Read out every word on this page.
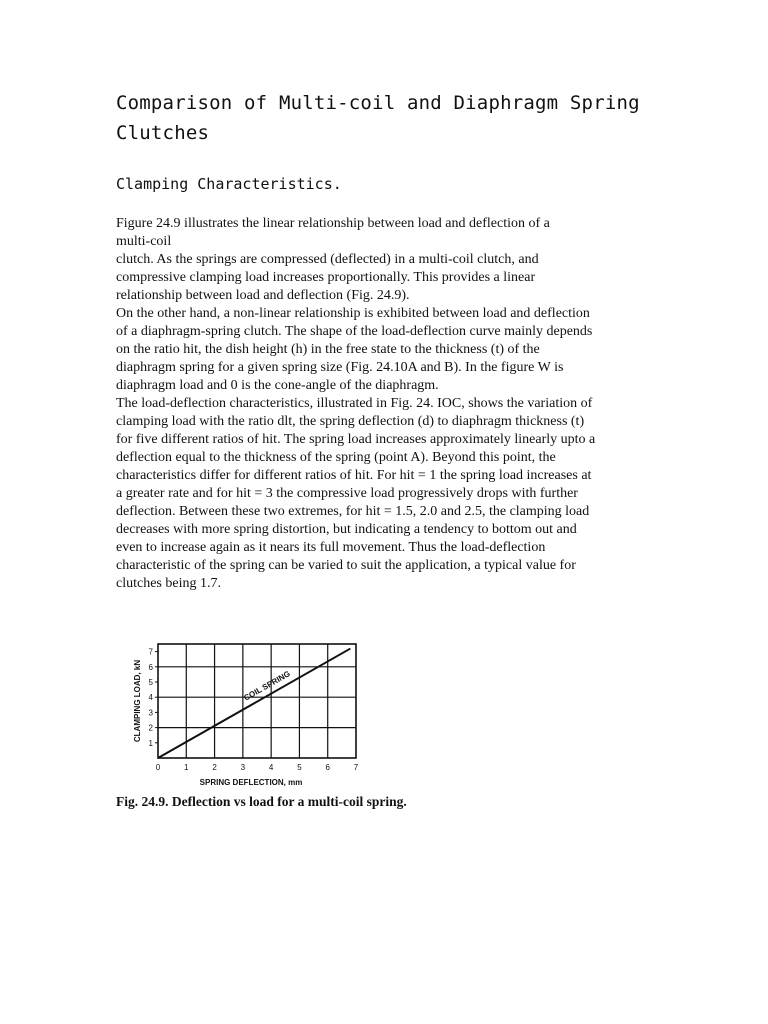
Comparison of Multi-coil and Diaphragm Spring
Clutches
Clamping Characteristics.
Figure 24.9 illustrates the linear relationship between load and deflection of a
multi-coil
clutch. As the springs are compressed (deflected) in a multi-coil clutch, and
compressive clamping load increases proportionally. This provides a linear
relationship between load and deflection (Fig. 24.9).
On the other hand, a non-linear relationship is exhibited between load and deflection
of a diaphragm-spring clutch. The shape of the load-deflection curve mainly depends
on the ratio hit, the dish height (h) in the free state to the thickness (t) of the
diaphragm spring for a given spring size (Fig. 24.10A and B). In the figure W is
diaphragm load and 0 is the cone-angle of the diaphragm.
The load-deflection characteristics, illustrated in Fig. 24. IOC, shows the variation of
clamping load with the ratio dlt, the spring deflection (d) to diaphragm thickness (t)
for five different ratios of hit. The spring load increases approximately linearly upto a
deflection equal to the thickness of the spring (point A). Beyond this point, the
characteristics differ for different ratios of hit. For hit = 1 the spring load increases at
a greater rate and for hit = 3 the compressive load progressively drops with further
deflection. Between these two extremes, for hit = 1.5, 2.0 and 2.5, the clamping load
decreases with more spring distortion, but indicating a tendency to bottom out and
even to increase again as it nears its full movement. Thus the load-deflection
characteristic of the spring can be varied to suit the application, a typical value for
clutches being 1.7.
0	1	2	3	4	5	6	7
1
2
3
4
5
6
7
SPRING DEFLECTION, mm
CLAMPING LOAD, kN	COIL SPRING
Fig. 24.9. Deflection vs load for a multi-coil spring.
